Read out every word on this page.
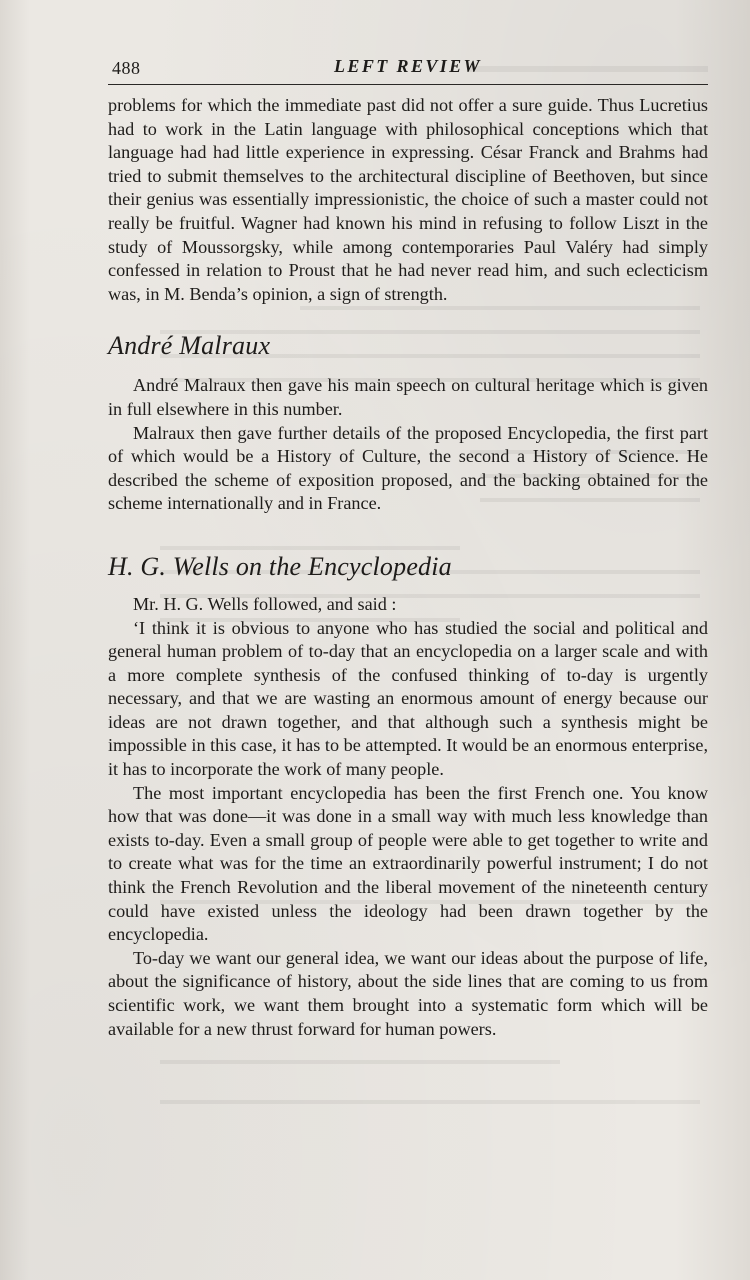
488	LEFT REVIEW

problems for which the immediate past did not offer a sure guide. Thus Lucretius had to work in the Latin language with philosophical conceptions which that language had had little experience in expressing. César Franck and Brahms had tried to submit themselves to the architectural discipline of Beethoven, but since their genius was essentially impressionistic, the choice of such a master could not really be fruitful. Wagner had known his mind in refusing to follow Liszt in the study of Moussorgsky, while among contemporaries Paul Valéry had simply confessed in relation to Proust that he had never read him, and such eclecticism was, in M. Benda’s opinion, a sign of strength.

André Malraux

André Malraux then gave his main speech on cultural heritage which is given in full elsewhere in this number.

Malraux then gave further details of the proposed Encyclopedia, the first part of which would be a History of Culture, the second a History of Science. He described the scheme of exposition proposed, and the backing obtained for the scheme internationally and in France.

H. G. Wells on the Encyclopedia

Mr. H. G. Wells followed, and said :

‘I think it is obvious to anyone who has studied the social and political and general human problem of to-day that an encyclopedia on a larger scale and with a more complete synthesis of the confused thinking of to-day is urgently necessary, and that we are wasting an enormous amount of energy because our ideas are not drawn together, and that although such a synthesis might be impossible in this case, it has to be attempted. It would be an enormous enterprise, it has to incorporate the work of many people.

The most important encyclopedia has been the first French one. You know how that was done—it was done in a small way with much less knowledge than exists to-day. Even a small group of people were able to get together to write and to create what was for the time an extraordinarily powerful instrument; I do not think the French Revolution and the liberal movement of the nineteenth century could have existed unless the ideology had been drawn together by the encyclopedia.

To-day we want our general idea, we want our ideas about the purpose of life, about the significance of history, about the side lines that are coming to us from scientific work, we want them brought into a systematic form which will be available for a new thrust forward for human powers.
